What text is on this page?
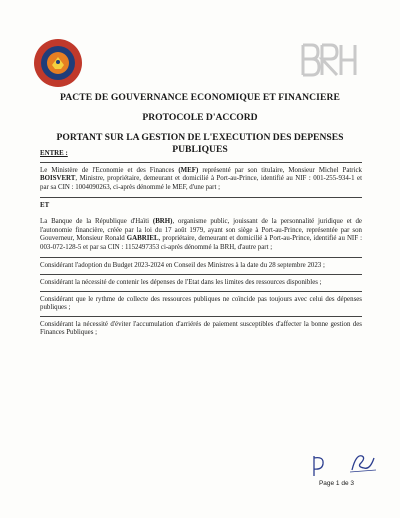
PACTE DE GOUVERNANCE ECONOMIQUE ET FINANCIERE
PROTOCOLE D'ACCORD
PORTANT SUR LA GESTION DE L'EXECUTION DES DEPENSES PUBLIQUES

ENTRE :

Le Ministère de l'Economie et des Finances (MEF) représenté par son titulaire, Monsieur Michel Patrick BOISVERT, Ministre, propriétaire, demeurant et domicilié à Port-au-Prince, identifié au NIF : 001-255-934-1 et par sa CIN : 1004090263, ci-après dénommé le MEF, d'une part ;

ET

La Banque de la République d'Haïti (BRH), organisme public, jouissant de la personnalité juridique et de l'autonomie financière, créée par la loi du 17 août 1979, ayant son siège à Port-au-Prince, représentée par son Gouverneur, Monsieur Ronald GABRIEL, propriétaire, demeurant et domicilié à Port-au-Prince, identifié au NIF : 003-072-128-5 et par sa CIN : 1152497353 ci-après dénommé la BRH, d'autre part ;

Considérant l'adoption du Budget 2023-2024 en Conseil des Ministres à la date du 28 septembre 2023 ;

Considérant la nécessité de contenir les dépenses de l'Etat dans les limites des ressources disponibles ;

Considérant que le rythme de collecte des ressources publiques ne coïncide pas toujours avec celui des dépenses publiques ;

Considérant la nécessité d'éviter l'accumulation d'arriérés de paiement susceptibles d'affecter la bonne gestion des Finances Publiques ;

Page 1 de 3
